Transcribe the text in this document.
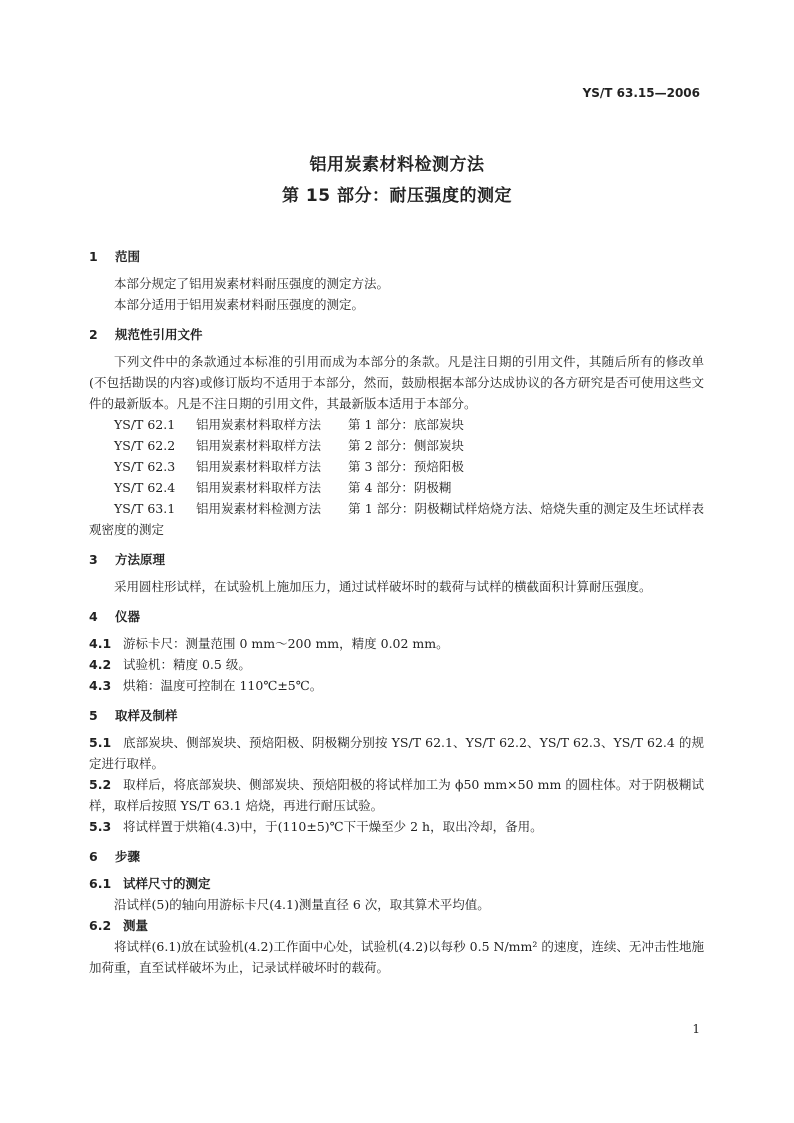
YS/T 63.15—2006
铝用炭素材料检测方法
第 15 部分：耐压强度的测定
1 范围
本部分规定了铝用炭素材料耐压强度的测定方法。
本部分适用于铝用炭素材料耐压强度的测定。
2 规范性引用文件
下列文件中的条款通过本标准的引用而成为本部分的条款。凡是注日期的引用文件，其随后所有的修改单(不包括勘误的内容)或修订版均不适用于本部分，然而，鼓励根据本部分达成协议的各方研究是否可使用这些文件的最新版本。凡是不注日期的引用文件，其最新版本适用于本部分。
YS/T 62.1 铝用炭素材料取样方法 第 1 部分：底部炭块
YS/T 62.2 铝用炭素材料取样方法 第 2 部分：侧部炭块
YS/T 62.3 铝用炭素材料取样方法 第 3 部分：预焙阳极
YS/T 62.4 铝用炭素材料取样方法 第 4 部分：阴极糊
YS/T 63.1 铝用炭素材料检测方法 第 1 部分：阴极糊试样焙烧方法、焙烧失重的测定及生坯试样表观密度的测定
3 方法原理
采用圆柱形试样，在试验机上施加压力，通过试样破坏时的载荷与试样的横截面积计算耐压强度。
4 仪器
4.1 游标卡尺：测量范围 0 mm～200 mm，精度 0.02 mm。
4.2 试验机：精度 0.5 级。
4.3 烘箱：温度可控制在 110℃±5℃。
5 取样及制样
5.1 底部炭块、侧部炭块、预焙阳极、阴极糊分别按 YS/T 62.1、YS/T 62.2、YS/T 62.3、YS/T 62.4 的规定进行取样。
5.2 取样后，将底部炭块、侧部炭块、预焙阳极的将试样加工为 ϕ50 mm×50 mm 的圆柱体。对于阴极糊试样，取样后按照 YS/T 63.1 焙烧，再进行耐压试验。
5.3 将试样置于烘箱(4.3)中，于(110±5)℃下干燥至少 2 h，取出冷却，备用。
6 步骤
6.1 试样尺寸的测定
沿试样(5)的轴向用游标卡尺(4.1)测量直径 6 次，取其算术平均值。
6.2 测量
将试样(6.1)放在试验机(4.2)工作面中心处，试验机(4.2)以每秒 0.5 N/mm² 的速度，连续、无冲击性地施加荷重，直至试样破坏为止，记录试样破坏时的载荷。
1
